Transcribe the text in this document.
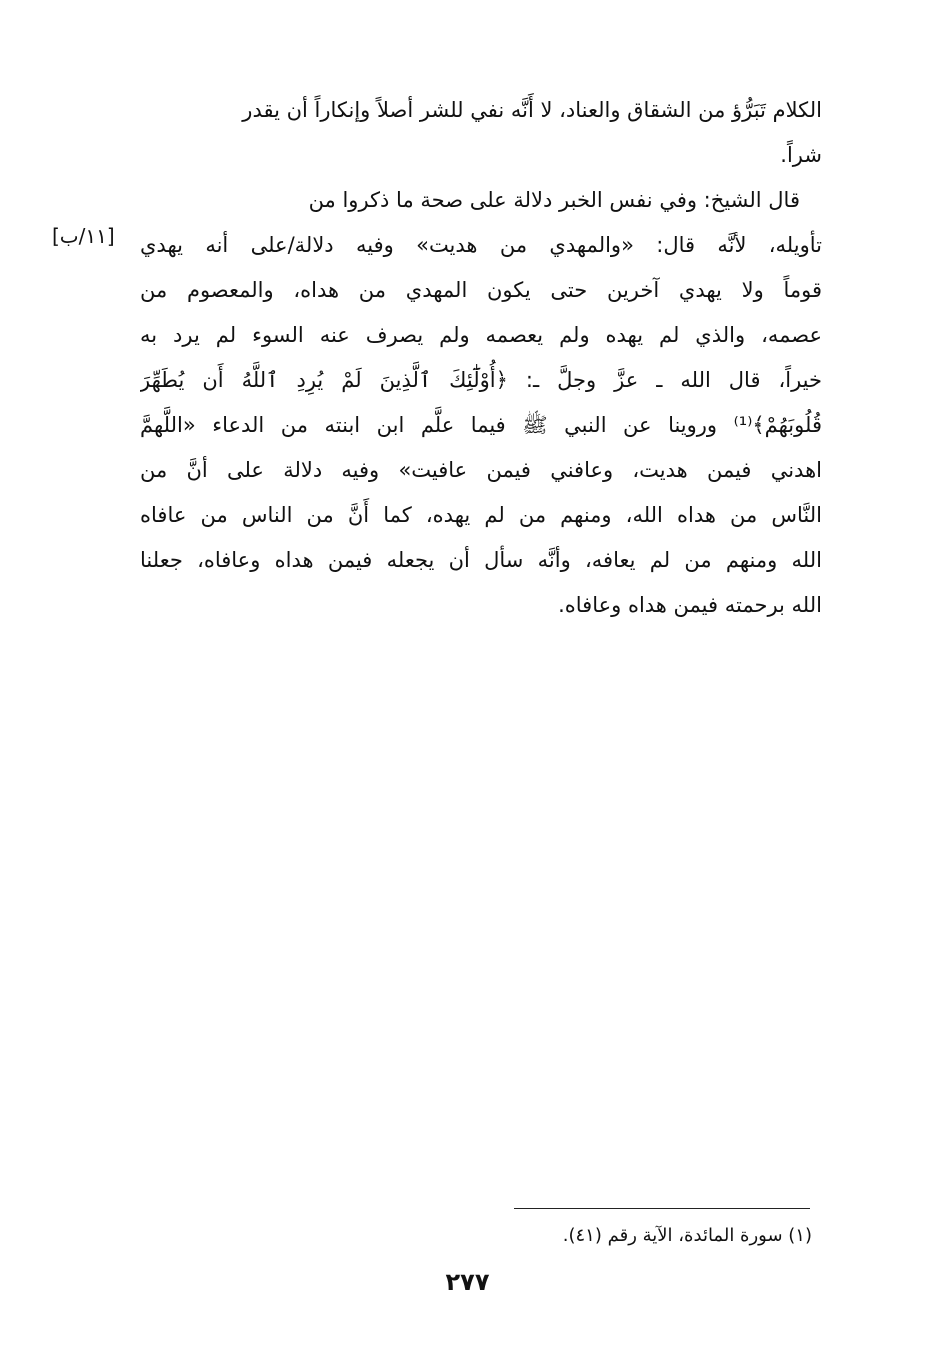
الكلام تَبَرُّؤ من الشقاق والعناد، لا أَنَّه نفي للشر أصلاً وإنكاراً أن يقدر
شراً.
قال الشيخ: وفي نفس الخبر دلالة على صحة ما ذكروا من
تأويله، لأنَّه قال: «والمهدي من هديت» وفيه دلالة/على أنه يهدي
قوماً ولا يهدي آخرين حتى يكون المهدي من هداه، والمعصوم من
عصمه، والذي لم يهده ولم يعصمه ولم يصرف عنه السوء لم يرد به
خيراً، قال الله ـ عزَّ وجلَّ ـ: ﴿أُوْلَٰٓئِكَ ٱلَّذِينَ لَمْ يُرِدِ ٱللَّهُ أَن يُطَهِّرَ
قُلُوبَهُمْ﴾⁽¹⁾ وروينا عن النبي ﷺ فيما علَّم ابن ابنته من الدعاء «اللَّهمَّ
اهدني فيمن هديت، وعافني فيمن عافيت» وفيه دلالة على أنَّ من
النَّاس من هداه الله، ومنهم من لم يهده، كما أَنَّ من الناس من عافاه
الله ومنهم من لم يعافه، وأنَّه سأل أن يجعله فيمن هداه وعافاه، جعلنا
الله برحمته فيمن هداه وعافاه.
[١١/ب]
(١) سورة المائدة، الآية رقم (٤١).
٢٧٧
